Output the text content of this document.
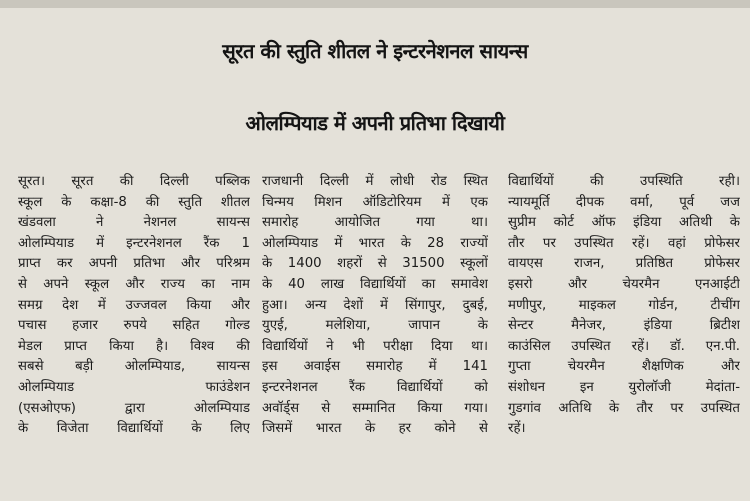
सूरत की स्तुति शीतल ने इन्टरनेशनल सायन्स
ओलम्पियाड में अपनी प्रतिभा दिखायी
सूरत। सूरत की दिल्ली पब्लिक
स्कूल के कक्षा-8 की स्तुति शीतल
खंडवला ने नेशनल सायन्स
ओलम्पियाड में इन्टरनेशनल रैंक 1
प्राप्त कर अपनी प्रतिभा और परिश्रम
से अपने स्कूल और राज्य का नाम
समग्र देश में उज्जवल किया और
पचास हजार रुपये सहित गोल्ड
मेडल प्राप्त किया है। विश्व की
सबसे बड़ी ओलम्पियाड, सायन्स
ओलम्पियाड फाउंडेशन
(एसओएफ) द्वारा ओलम्पियाड
के विजेता विद्यार्थियों के लिए
राजधानी दिल्ली में लोधी रोड स्थित
चिन्मय मिशन ऑडिटोरियम में एक
समारोह आयोजित गया था।
ओलम्पियाड में भारत के 28 राज्यों
के 1400 शहरों से 31500 स्कूलों
के 40 लाख विद्यार्थियों का समावेश
हुआ। अन्य देशों में सिंगापुर, दुबई,
युएई, मलेशिया, जापान के
विद्यार्थियों ने भी परीक्षा दिया था।
इस अवाईस समारोह में 141
इन्टरनेशनल रैंक विद्यार्थियों को
अवॉर्ड्स से सम्मानित किया गया।
जिसमें भारत के हर कोने से
विद्यार्थियों की उपस्थिति रही।
न्यायमूर्ति दीपक वर्मा, पूर्व जज
सुप्रीम कोर्ट ऑफ इंडिया अतिथी के
तौर पर उपस्थित रहें। वहां प्रोफेसर
वायएस राजन, प्रतिष्ठित प्रोफेसर
इसरो और चेयरमैन एनआईटी
मणीपुर, माइकल गोर्डन, टीचींग
सेन्टर मैनेजर, इंडिया ब्रिटीश
काउंसिल उपस्थित रहें। डॉ. एन.पी.
गुप्ता चेयरमैन शैक्षणिक और
संशोधन इन युरोलॉजी मेदांता-
गुडगांव अतिथि के तौर पर उपस्थित
रहें।
